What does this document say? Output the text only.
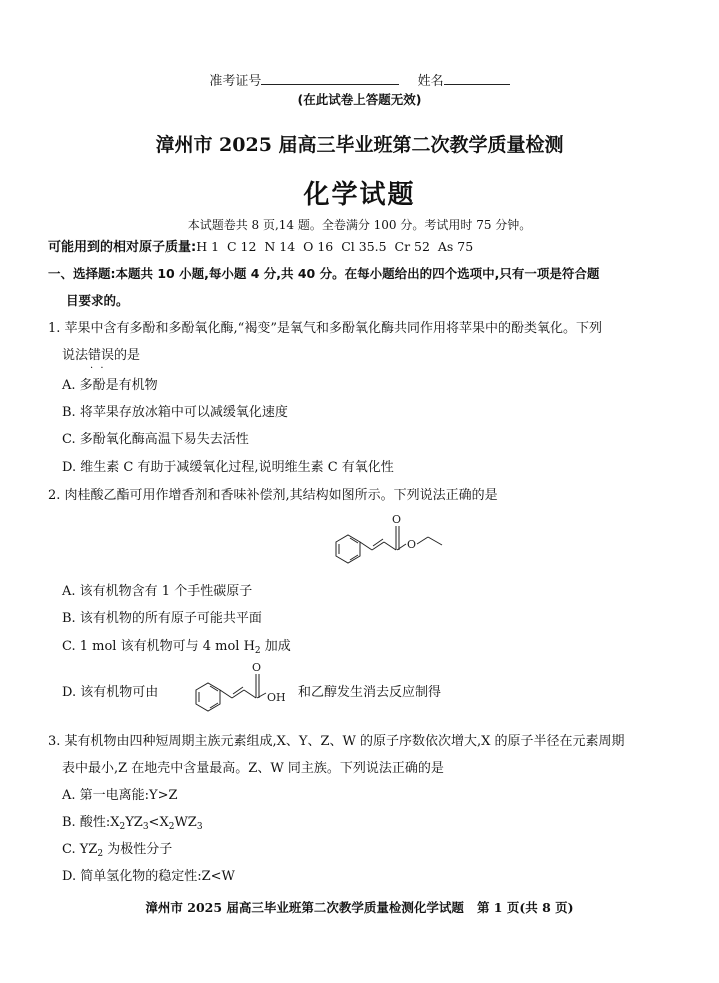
准考证号	姓名
(在此试卷上答题无效)
漳州市 2025 届高三毕业班第二次教学质量检测
化学试题
本试题卷共 8 页,14 题。全卷满分 100 分。考试用时 75 分钟。
可能用到的相对原子质量:H 1  C 12  N 14  O 16  Cl 35.5  Cr 52  As 75
一、选择题:本题共 10 小题,每小题 4 分,共 40 分。在每小题给出的四个选项中,只有一项是符合题
目要求的。
1. 苹果中含有多酚和多酚氧化酶,“褐变”是氧气和多酚氧化酶共同作用将苹果中的酚类氧化。下列
说法错误 · ·的是
A. 多酚是有机物
B. 将苹果存放冰箱中可以减缓氧化速度
C. 多酚氧化酶高温下易失去活性
D. 维生素 C 有助于减缓氧化过程,说明维生素 C 有氧化性
2. 肉桂酸乙酯可用作增香剂和香味补偿剂,其结构如图所示。下列说法正确的是
O
O
A. 该有机物含有 1 个手性碳原子
B. 该有机物的所有原子可能共平面
C. 1 mol 该有机物可与 4 mol $H_2$ 加成
D. 该有机物可由
O
OH 和乙醇发生消去反应制得
3. 某有机物由四种短周期主族元素组成,X、Y、Z、W 的原子序数依次增大,X 的原子半径在元素周期
表中最小,Z 在地壳中含量最高。Z、W 同主族。下列说法正确的是
A. 第一电离能:Y>Z
B. 酸性$:X_2YZ_3<X_2WZ_3$
C. $YZ_2$ 为极性分子
D. 简单氢化物的稳定性:Z<W
漳州市 2025 届高三毕业班第二次教学质量检测化学试题   第 1 页(共 8 页)
